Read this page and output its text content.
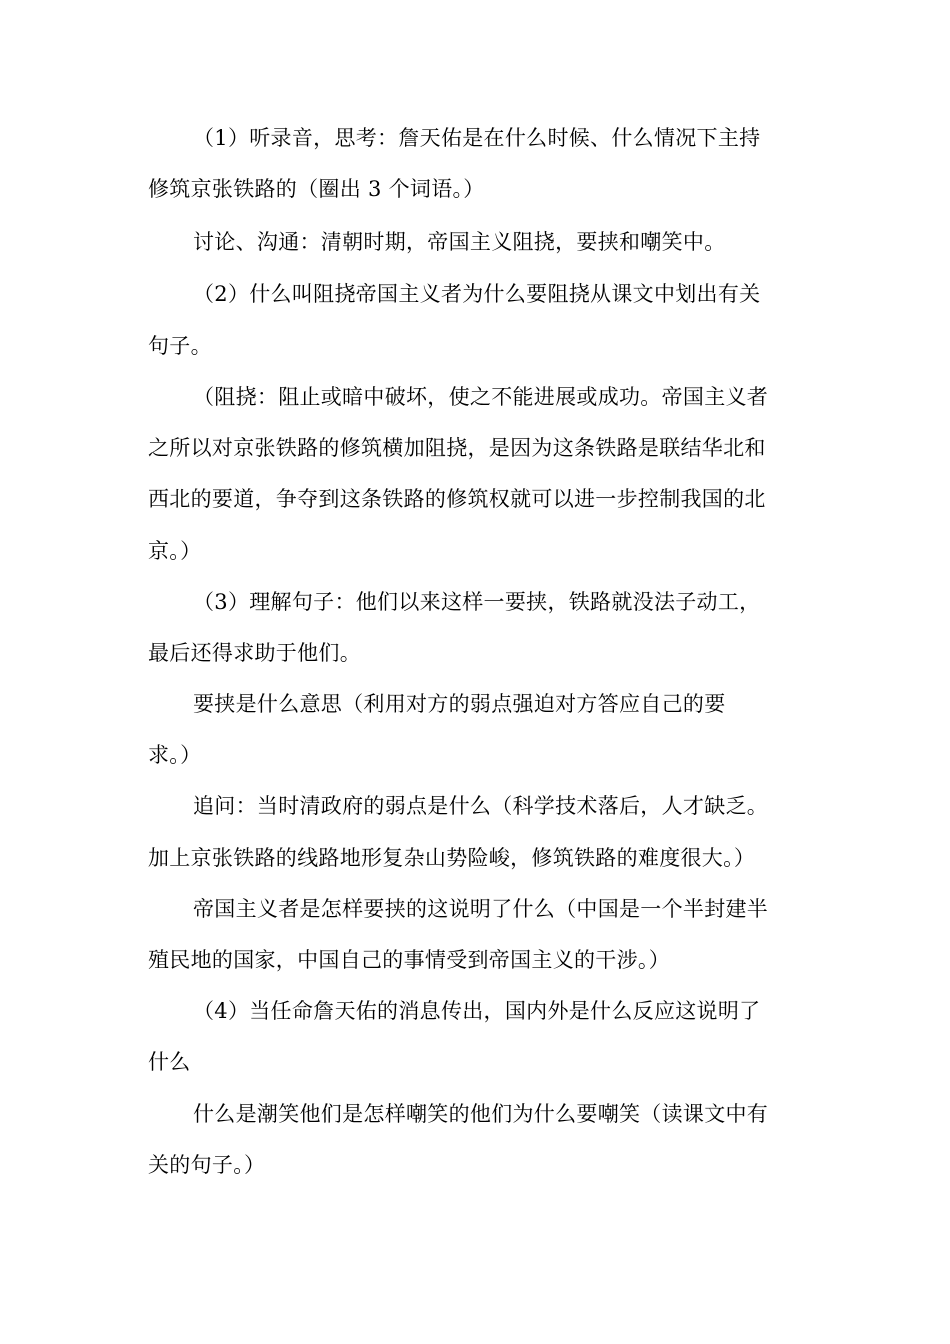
（1）听录音，思考：詹天佑是在什么时候、什么情况下主持
修筑京张铁路的（圈出 3 个词语。）
讨论、沟通：清朝时期，帝国主义阻挠，要挟和嘲笑中。
（2）什么叫阻挠帝国主义者为什么要阻挠从课文中划出有关
句子。
（阻挠：阻止或暗中破坏，使之不能进展或成功。帝国主义者
之所以对京张铁路的修筑横加阻挠，是因为这条铁路是联结华北和
西北的要道，争夺到这条铁路的修筑权就可以进一步控制我国的北
京。）
（3）理解句子：他们以来这样一要挟，铁路就没法子动工，
最后还得求助于他们。
要挟是什么意思（利用对方的弱点强迫对方答应自己的要
求。）
追问：当时清政府的弱点是什么（科学技术落后，人才缺乏。
加上京张铁路的线路地形复杂山势险峻，修筑铁路的难度很大。）
帝国主义者是怎样要挟的这说明了什么（中国是一个半封建半
殖民地的国家，中国自己的事情受到帝国主义的干涉。）
（4）当任命詹天佑的消息传出，国内外是什么反应这说明了
什么
什么是潮笑他们是怎样嘲笑的他们为什么要嘲笑（读课文中有
关的句子。）
